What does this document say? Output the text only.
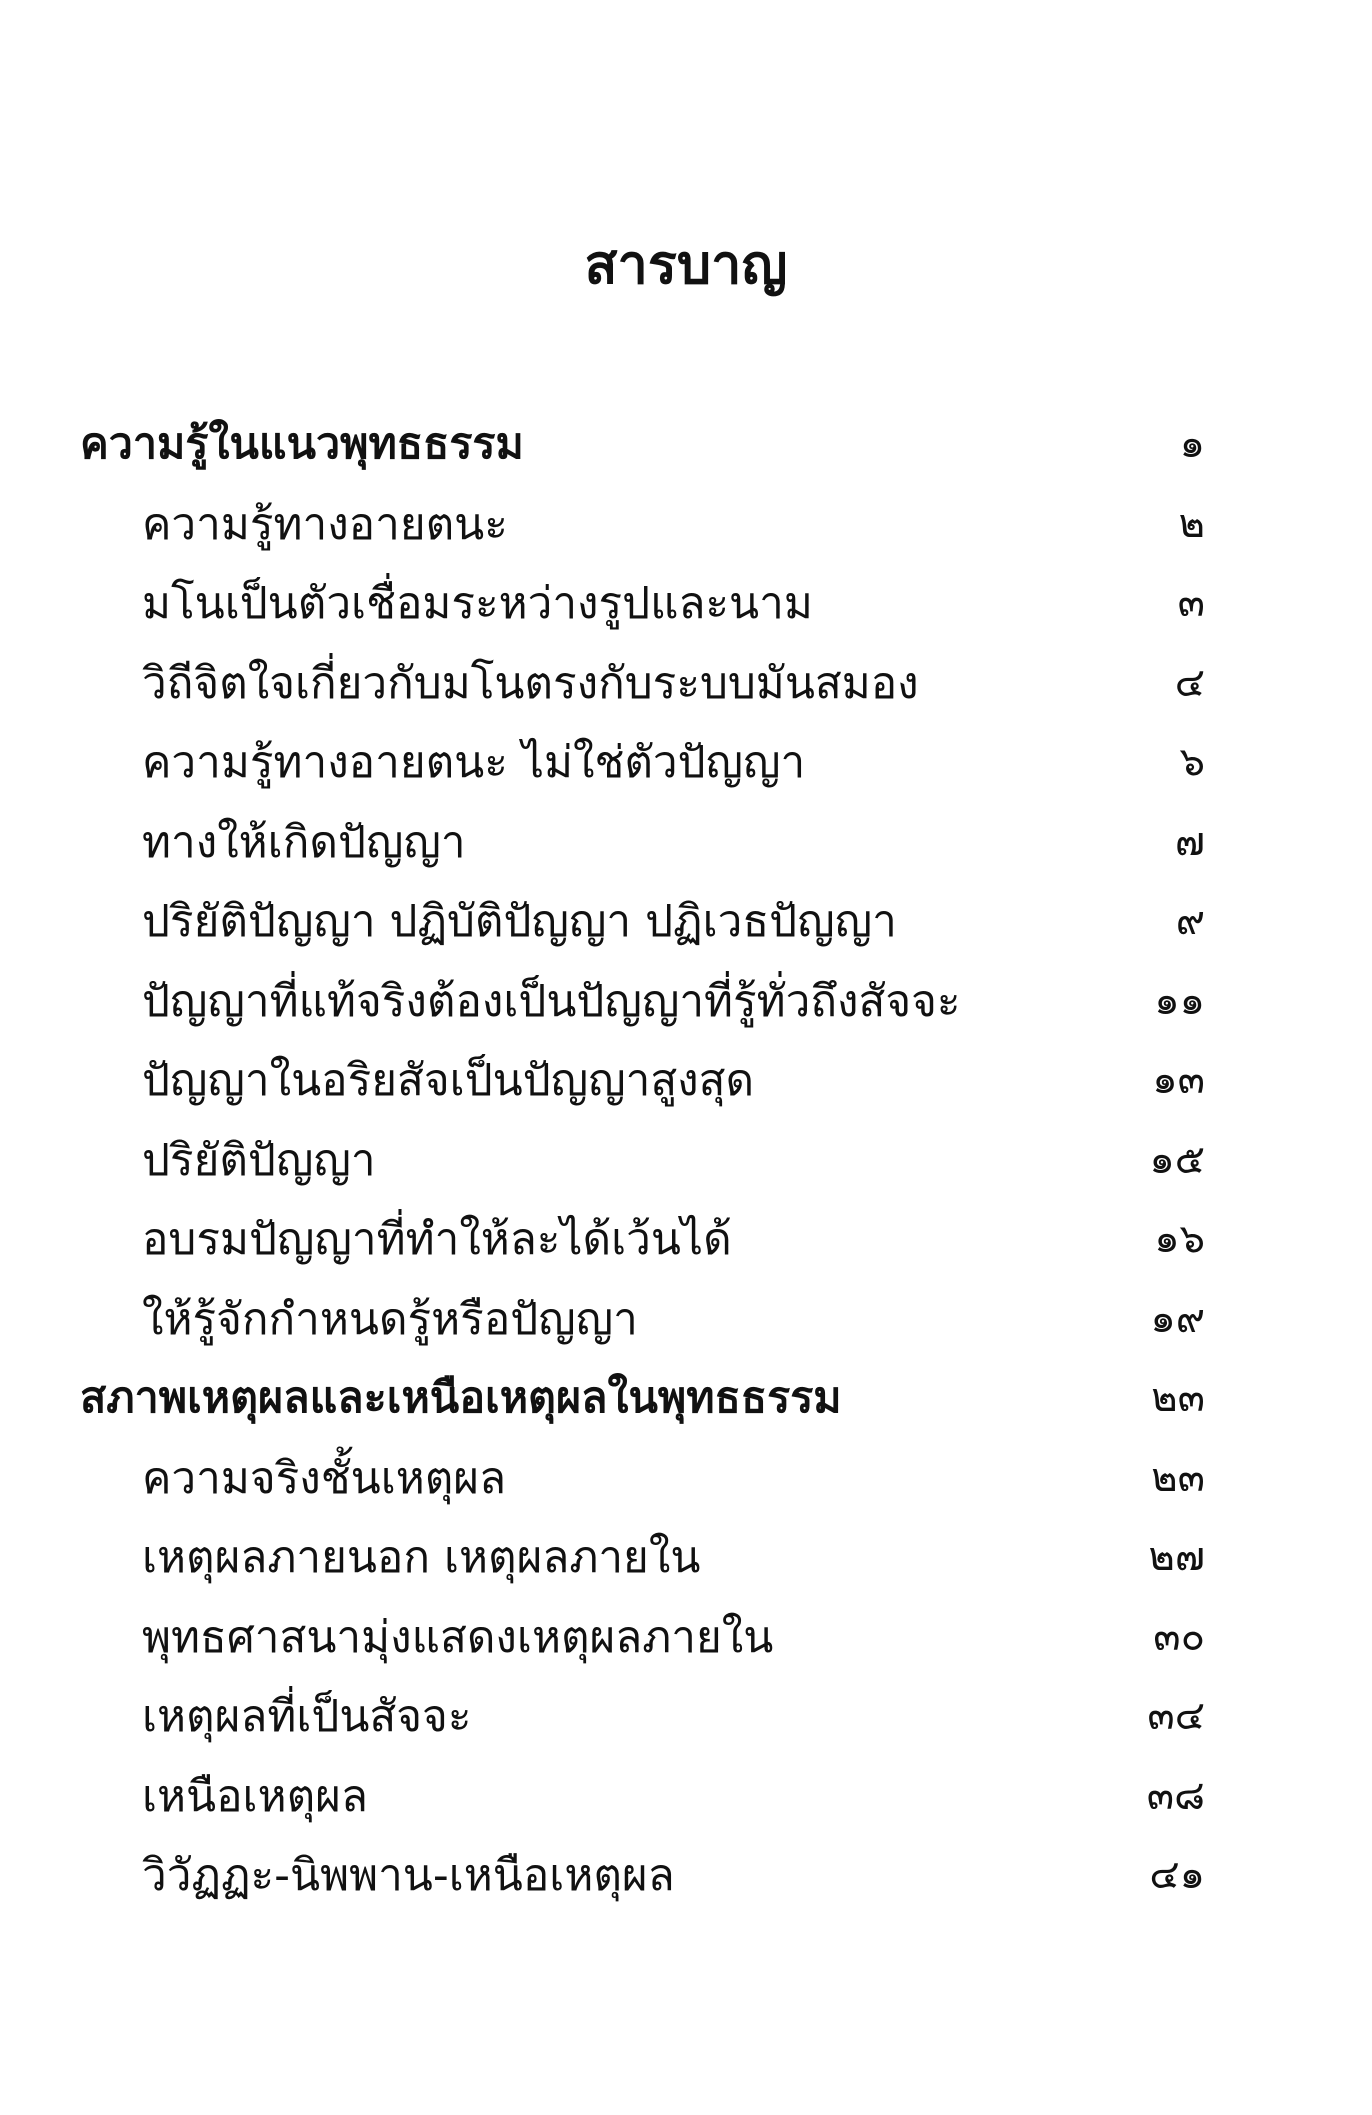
สารบาญ
ความรู้ในแนวพุทธธรรม	๑
ความรู้ทางอายตนะ	๒
มโนเป็นตัวเชื่อมระหว่างรูปและนาม	๓
วิถีจิตใจเกี่ยวกับมโนตรงกับระบบมันสมอง	๔
ความรู้ทางอายตนะ ไม่ใช่ตัวปัญญา	๖
ทางให้เกิดปัญญา	๗
ปริยัติปัญญา ปฏิบัติปัญญา ปฏิเวธปัญญา	๙
ปัญญาที่แท้จริงต้องเป็นปัญญาที่รู้ทั่วถึงสัจจะ	๑๑
ปัญญาในอริยสัจเป็นปัญญาสูงสุด	๑๓
ปริยัติปัญญา	๑๕
อบรมปัญญาที่ทำให้ละได้เว้นได้	๑๖
ให้รู้จักกำหนดรู้หรือปัญญา	๑๙
สภาพเหตุผลและเหนือเหตุผลในพุทธธรรม	๒๓
ความจริงชั้นเหตุผล	๒๓
เหตุผลภายนอก เหตุผลภายใน	๒๗
พุทธศาสนามุ่งแสดงเหตุผลภายใน	๓๐
เหตุผลที่เป็นสัจจะ	๓๔
เหนือเหตุผล	๓๘
วิวัฏฏะ-นิพพาน-เหนือเหตุผล	๔๑
